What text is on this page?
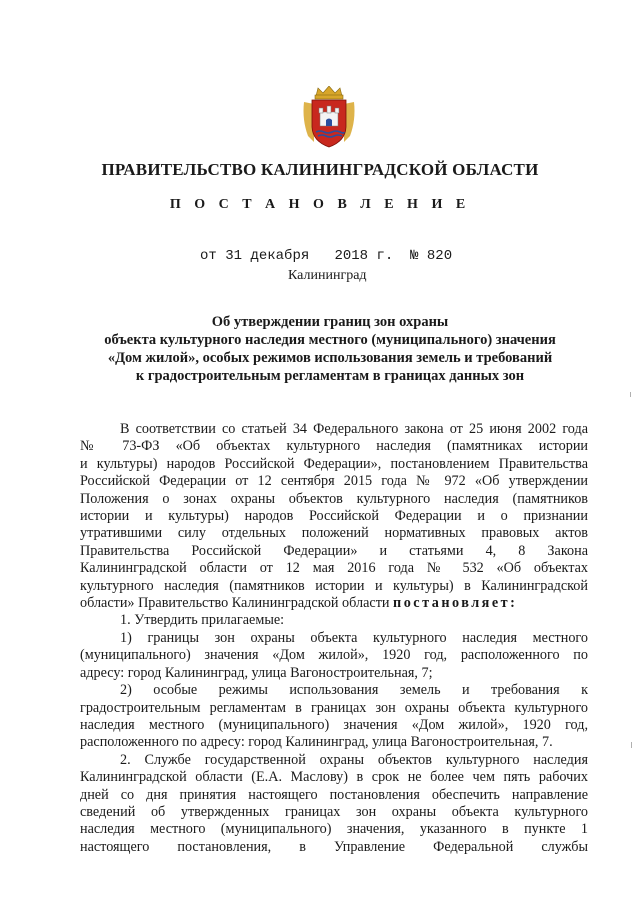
ПРАВИТЕЛЬСТВО КАЛИНИНГРАДСКОЙ ОБЛАСТИ
П О С Т А Н О В Л Е Н И Е
от 31 декабря 2018 г. № 820
Калининград
Об утверждении границ зон охраны
объекта культурного наследия местного (муниципального) значения
«Дом жилой», особых режимов использования земель и требований
к градостроительным регламентам в границах данных зон
В соответствии со статьей 34 Федерального закона от 25 июня 2002 года
№ 73-ФЗ «Об объектах культурного наследия (памятниках истории
и культуры) народов Российской Федерации», постановлением Правительства
Российской Федерации от 12 сентября 2015 года № 972 «Об утверждении
Положения о зонах охраны объектов культурного наследия (памятников
истории и культуры) народов Российской Федерации и о признании
утратившими силу отдельных положений нормативных правовых актов
Правительства Российской Федерации» и статьями 4, 8 Закона
Калининградской области от 12 мая 2016 года № 532 «Об объектах
культурного наследия (памятников истории и культуры) в Калининградской
области» Правительство Калининградской области постановляет:
1. Утвердить прилагаемые:
1) границы зон охраны объекта культурного наследия местного
(муниципального) значения «Дом жилой», 1920 год, расположенного по
адресу: город Калининград, улица Вагоностроительная, 7;
2) особые режимы использования земель и требования к
градостроительным регламентам в границах зон охраны объекта культурного
наследия местного (муниципального) значения «Дом жилой», 1920 год,
расположенного по адресу: город Калининград, улица Вагоностроительная, 7.
2. Службе государственной охраны объектов культурного наследия
Калининградской области (Е.А. Маслову) в срок не более чем пять рабочих
дней со дня принятия настоящего постановления обеспечить направление
сведений об утвержденных границах зон охраны объекта культурного
наследия местного (муниципального) значения, указанного в пункте 1
настоящего постановления, в Управление Федеральной службы
